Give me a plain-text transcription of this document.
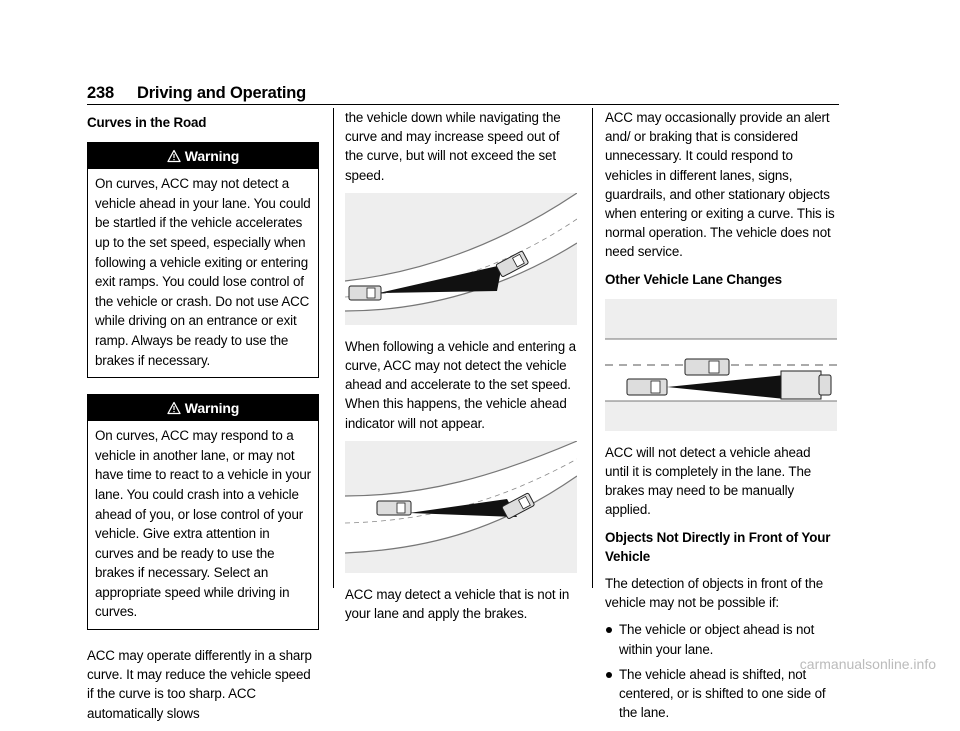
238 Driving and Operating
Curves in the Road
Warning
On curves, ACC may not detect a vehicle ahead in your lane. You could be startled if the vehicle accelerates up to the set speed, especially when following a vehicle exiting or entering exit ramps. You could lose control of the vehicle or crash. Do not use ACC while driving on an entrance or exit ramp. Always be ready to use the brakes if necessary.
Warning
On curves, ACC may respond to a vehicle in another lane, or may not have time to react to a vehicle in your lane. You could crash into a vehicle ahead of you, or lose control of your vehicle. Give extra attention in curves and be ready to use the brakes if necessary. Select an appropriate speed while driving in curves.

ACC may operate differently in a sharp curve. It may reduce the vehicle speed if the curve is too sharp. ACC automatically slows

the vehicle down while navigating the curve and may increase speed out of the curve, but will not exceed the set speed.

When following a vehicle and entering a curve, ACC may not detect the vehicle ahead and accelerate to the set speed. When this happens, the vehicle ahead indicator will not appear.

ACC may detect a vehicle that is not in your lane and apply the brakes.

ACC may occasionally provide an alert and/ or braking that is considered unnecessary. It could respond to vehicles in different lanes, signs, guardrails, and other stationary objects when entering or exiting a curve. This is normal operation. The vehicle does not need service.

Other Vehicle Lane Changes

ACC will not detect a vehicle ahead until it is completely in the lane. The brakes may need to be manually applied.

Objects Not Directly in Front of Your Vehicle

The detection of objects in front of the vehicle may not be possible if:

The vehicle or object ahead is not within your lane.
The vehicle ahead is shifted, not centered, or is shifted to one side of the lane.
carmanualsonline.info
